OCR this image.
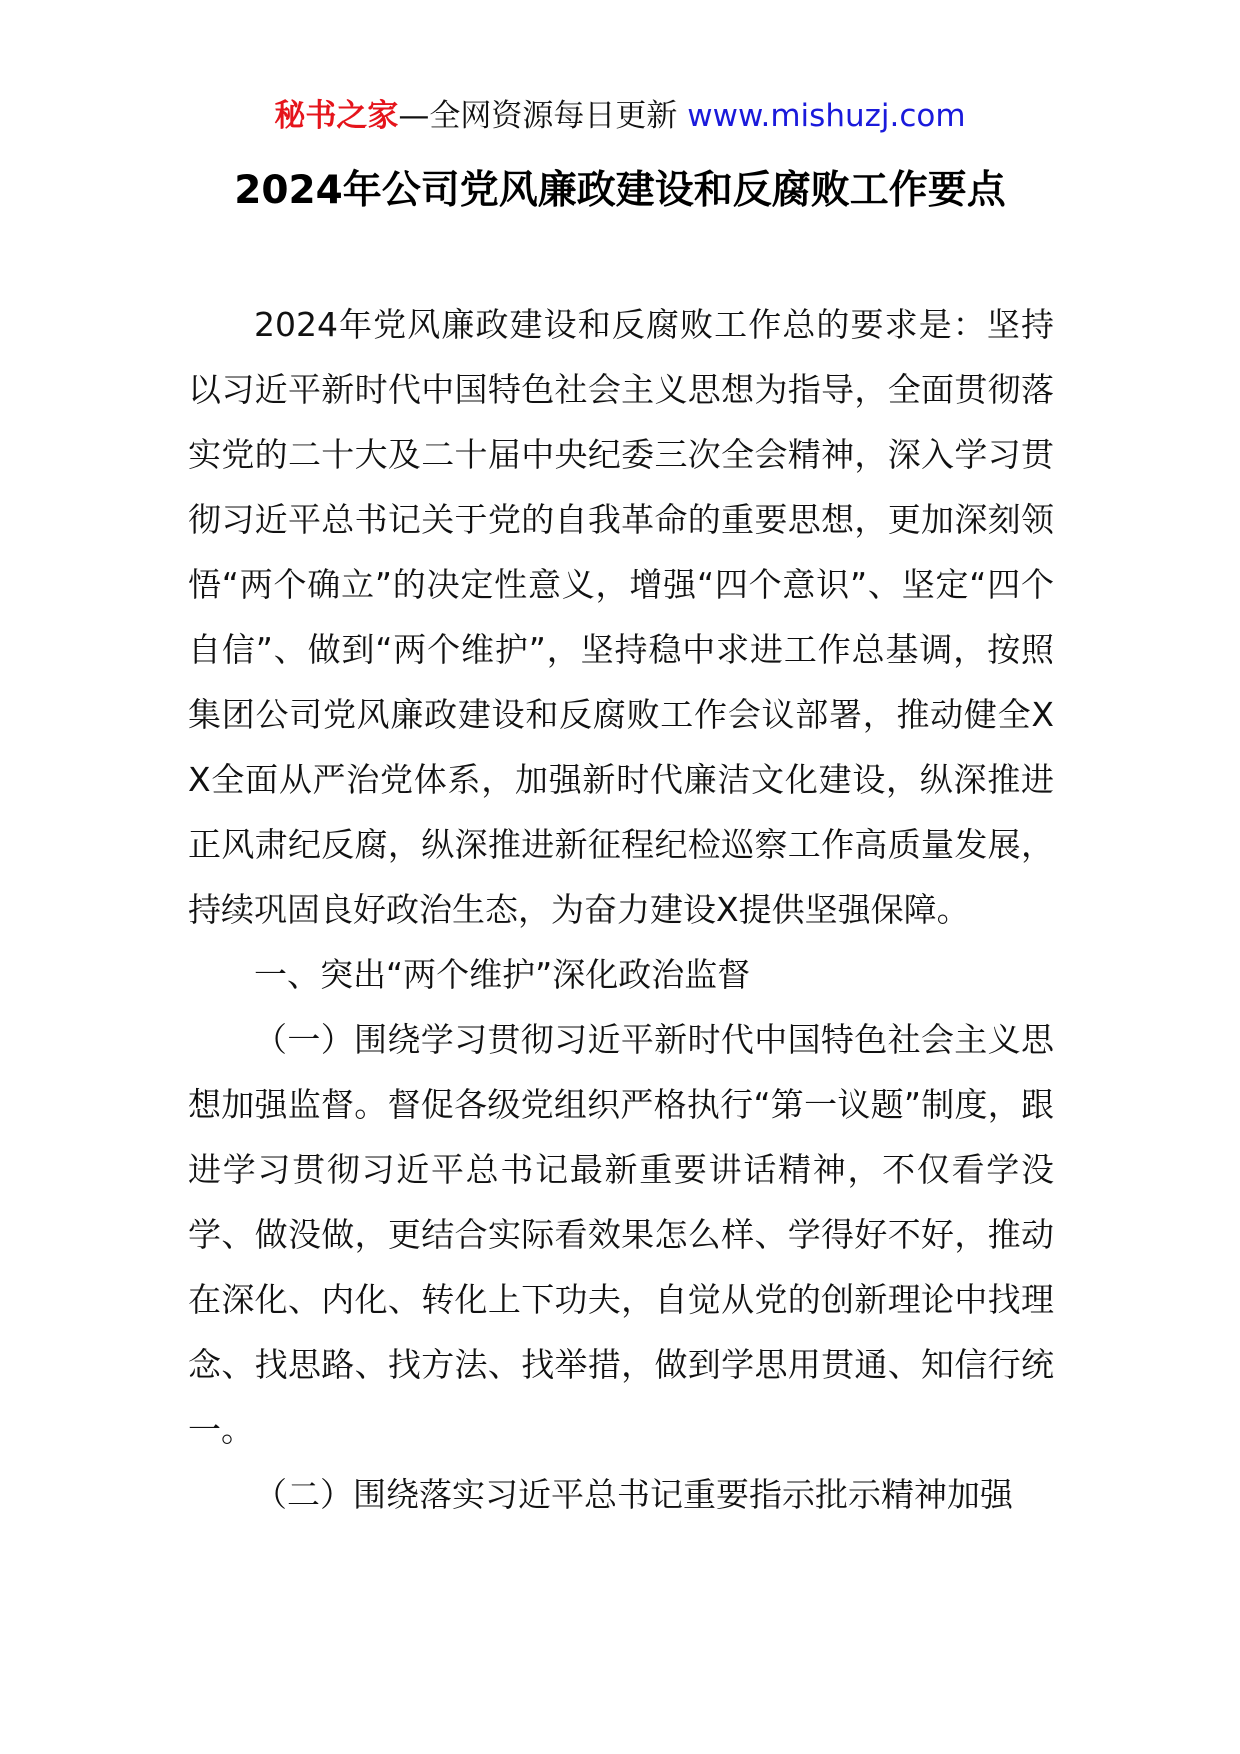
秘书之家—全网资源每日更新 www.mishuzj.com
2024年公司党风廉政建设和反腐败工作要点

2024年党风廉政建设和反腐败工作总的要求是：坚持以习近平新时代中国特色社会主义思想为指导，全面贯彻落实党的二十大及二十届中央纪委三次全会精神，深入学习贯彻习近平总书记关于党的自我革命的重要思想，更加深刻领悟“两个确立”的决定性意义，增强“四个意识”、坚定“四个自信”、做到“两个维护”，坚持稳中求进工作总基调，按照集团公司党风廉政建设和反腐败工作会议部署，推动健全XX全面从严治党体系，加强新时代廉洁文化建设，纵深推进正风肃纪反腐，纵深推进新征程纪检巡察工作高质量发展，持续巩固良好政治生态，为奋力建设X提供坚强保障。

一、突出“两个维护”深化政治监督

（一）围绕学习贯彻习近平新时代中国特色社会主义思想加强监督。督促各级党组织严格执行“第一议题”制度，跟进学习贯彻习近平总书记最新重要讲话精神，不仅看学没学、做没做，更结合实际看效果怎么样、学得好不好，推动在深化、内化、转化上下功夫，自觉从党的创新理论中找理念、找思路、找方法、找举措，做到学思用贯通、知信行统一。

（二）围绕落实习近平总书记重要指示批示精神加强
